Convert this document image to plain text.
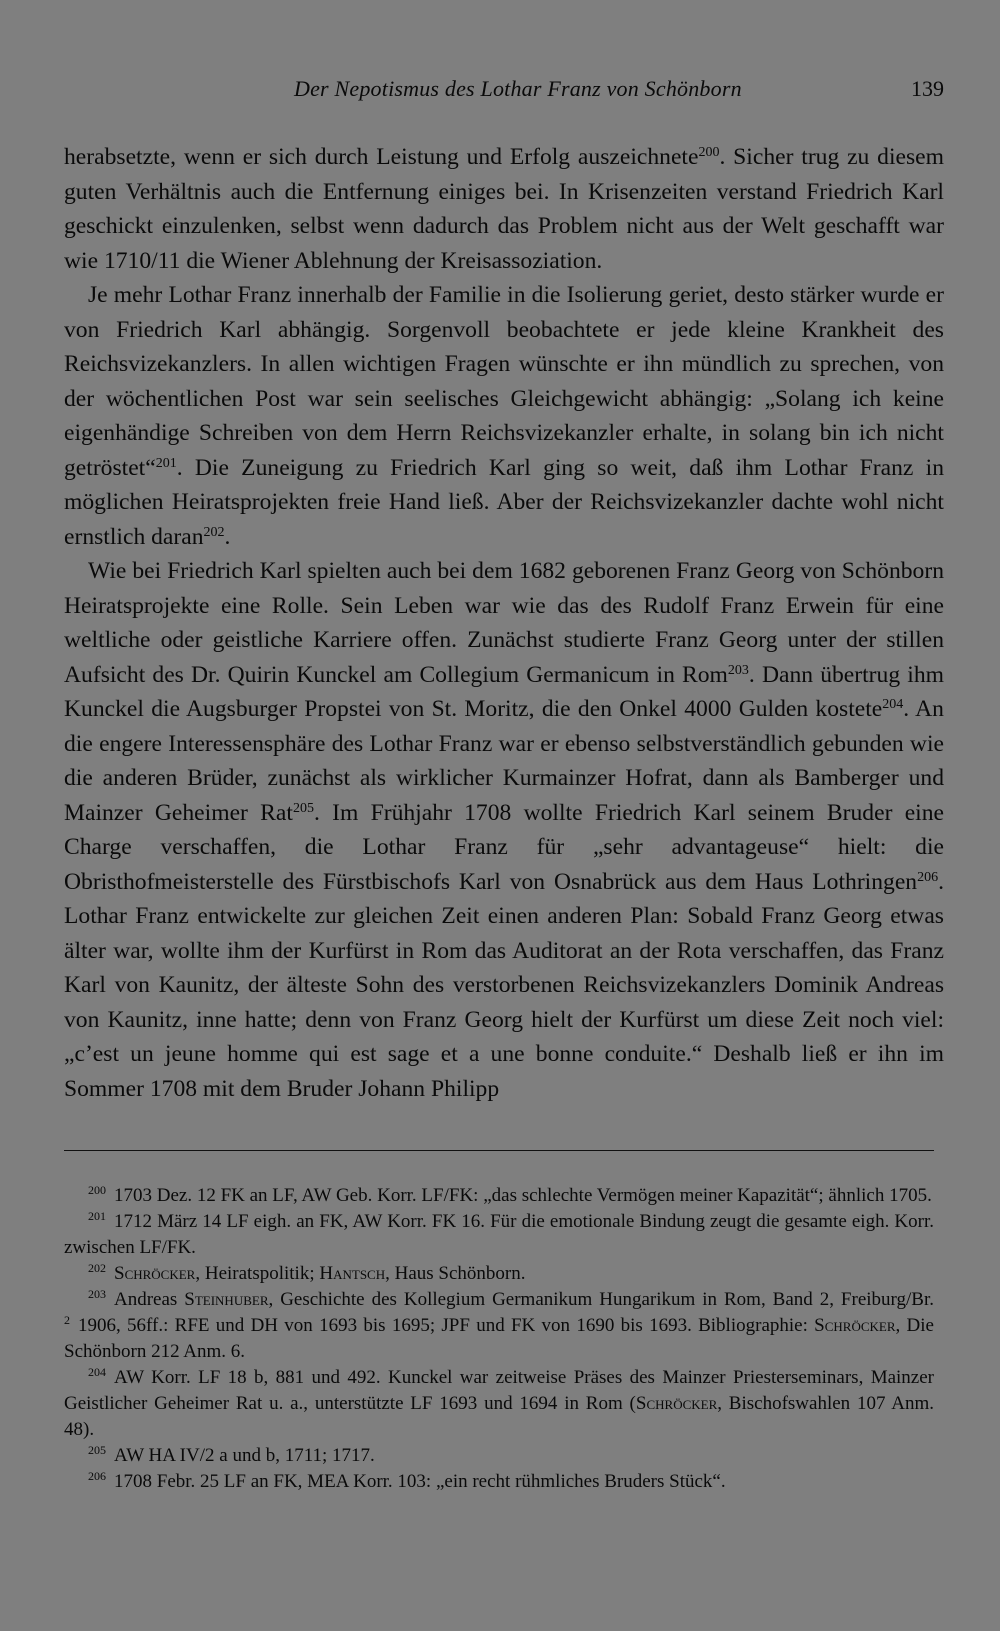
Der Nepotismus des Lothar Franz von Schönborn	139

herabsetzte, wenn er sich durch Leistung und Erfolg auszeichnete$^{200}$. Sicher trug zu diesem guten Verhältnis auch die Entfernung einiges bei. In Krisenzeiten verstand Friedrich Karl geschickt einzulenken, selbst wenn dadurch das Problem nicht aus der Welt geschafft war wie 1710/11 die Wiener Ablehnung der Kreisassoziation.

Je mehr Lothar Franz innerhalb der Familie in die Isolierung geriet, desto stärker wurde er von Friedrich Karl abhängig. Sorgenvoll beobachtete er jede kleine Krankheit des Reichsvizekanzlers. In allen wichtigen Fragen wünschte er ihn mündlich zu sprechen, von der wöchentlichen Post war sein seelisches Gleichgewicht abhängig: „Solang ich keine eigenhändige Schreiben von dem Herrn Reichsvizekanzler erhalte, in solang bin ich nicht getröstet“$^{201}$. Die Zuneigung zu Friedrich Karl ging so weit, daß ihm Lothar Franz in möglichen Heiratsprojekten freie Hand ließ. Aber der Reichsvizekanzler dachte wohl nicht ernstlich daran$^{202}$.

Wie bei Friedrich Karl spielten auch bei dem 1682 geborenen Franz Georg von Schönborn Heiratsprojekte eine Rolle. Sein Leben war wie das des Rudolf Franz Erwein für eine weltliche oder geistliche Karriere offen. Zunächst studierte Franz Georg unter der stillen Aufsicht des Dr. Quirin Kunckel am Collegium Germanicum in Rom$^{203}$. Dann übertrug ihm Kunckel die Augsburger Propstei von St. Moritz, die den Onkel 4000 Gulden kostete$^{204}$. An die engere Interessensphäre des Lothar Franz war er ebenso selbstverständlich gebunden wie die anderen Brüder, zunächst als wirklicher Kurmainzer Hofrat, dann als Bamberger und Mainzer Geheimer Rat$^{205}$. Im Frühjahr 1708 wollte Friedrich Karl seinem Bruder eine Charge verschaffen, die Lothar Franz für „sehr advantageuse“ hielt: die Obristhofmeisterstelle des Fürstbischofs Karl von Osnabrück aus dem Haus Lothringen$^{206}$. Lothar Franz entwickelte zur gleichen Zeit einen anderen Plan: Sobald Franz Georg etwas älter war, wollte ihm der Kurfürst in Rom das Auditorat an der Rota verschaffen, das Franz Karl von Kaunitz, der älteste Sohn des verstorbenen Reichsvizekanzlers Dominik Andreas von Kaunitz, inne hatte; denn von Franz Georg hielt der Kurfürst um diese Zeit noch viel: „c’est un jeune homme qui est sage et a une bonne conduite.“ Deshalb ließ er ihn im Sommer 1708 mit dem Bruder Johann Philipp

$^{200}$ 1703 Dez. 12 FK an LF, AW Geb. Korr. LF/FK: „das schlechte Vermögen meiner Kapazität“; ähnlich 1705.

$^{201}$ 1712 März 14 LF eigh. an FK, AW Korr. FK 16. Für die emotionale Bindung zeugt die gesamte eigh. Korr. zwischen LF/FK.

$^{202}$ Schröcker, Heiratspolitik; Hantsch, Haus Schönborn.

$^{203}$ Andreas Steinhuber, Geschichte des Kollegium Germanikum Hungarikum in Rom, Band 2, Freiburg/Br. $^2$ 1906, 56ff.: RFE und DH von 1693 bis 1695; JPF und FK von 1690 bis 1693. Bibliographie: Schröcker, Die Schönborn 212 Anm. 6.

$^{204}$ AW Korr. LF 18 b, 881 und 492. Kunckel war zeitweise Präses des Mainzer Priesterseminars, Mainzer Geistlicher Geheimer Rat u. a., unterstützte LF 1693 und 1694 in Rom (Schröcker, Bischofswahlen 107 Anm. 48).

$^{205}$ AW HA IV/2 a und b, 1711; 1717.

$^{206}$ 1708 Febr. 25 LF an FK, MEA Korr. 103: „ein recht rühmliches Bruders Stück“.
